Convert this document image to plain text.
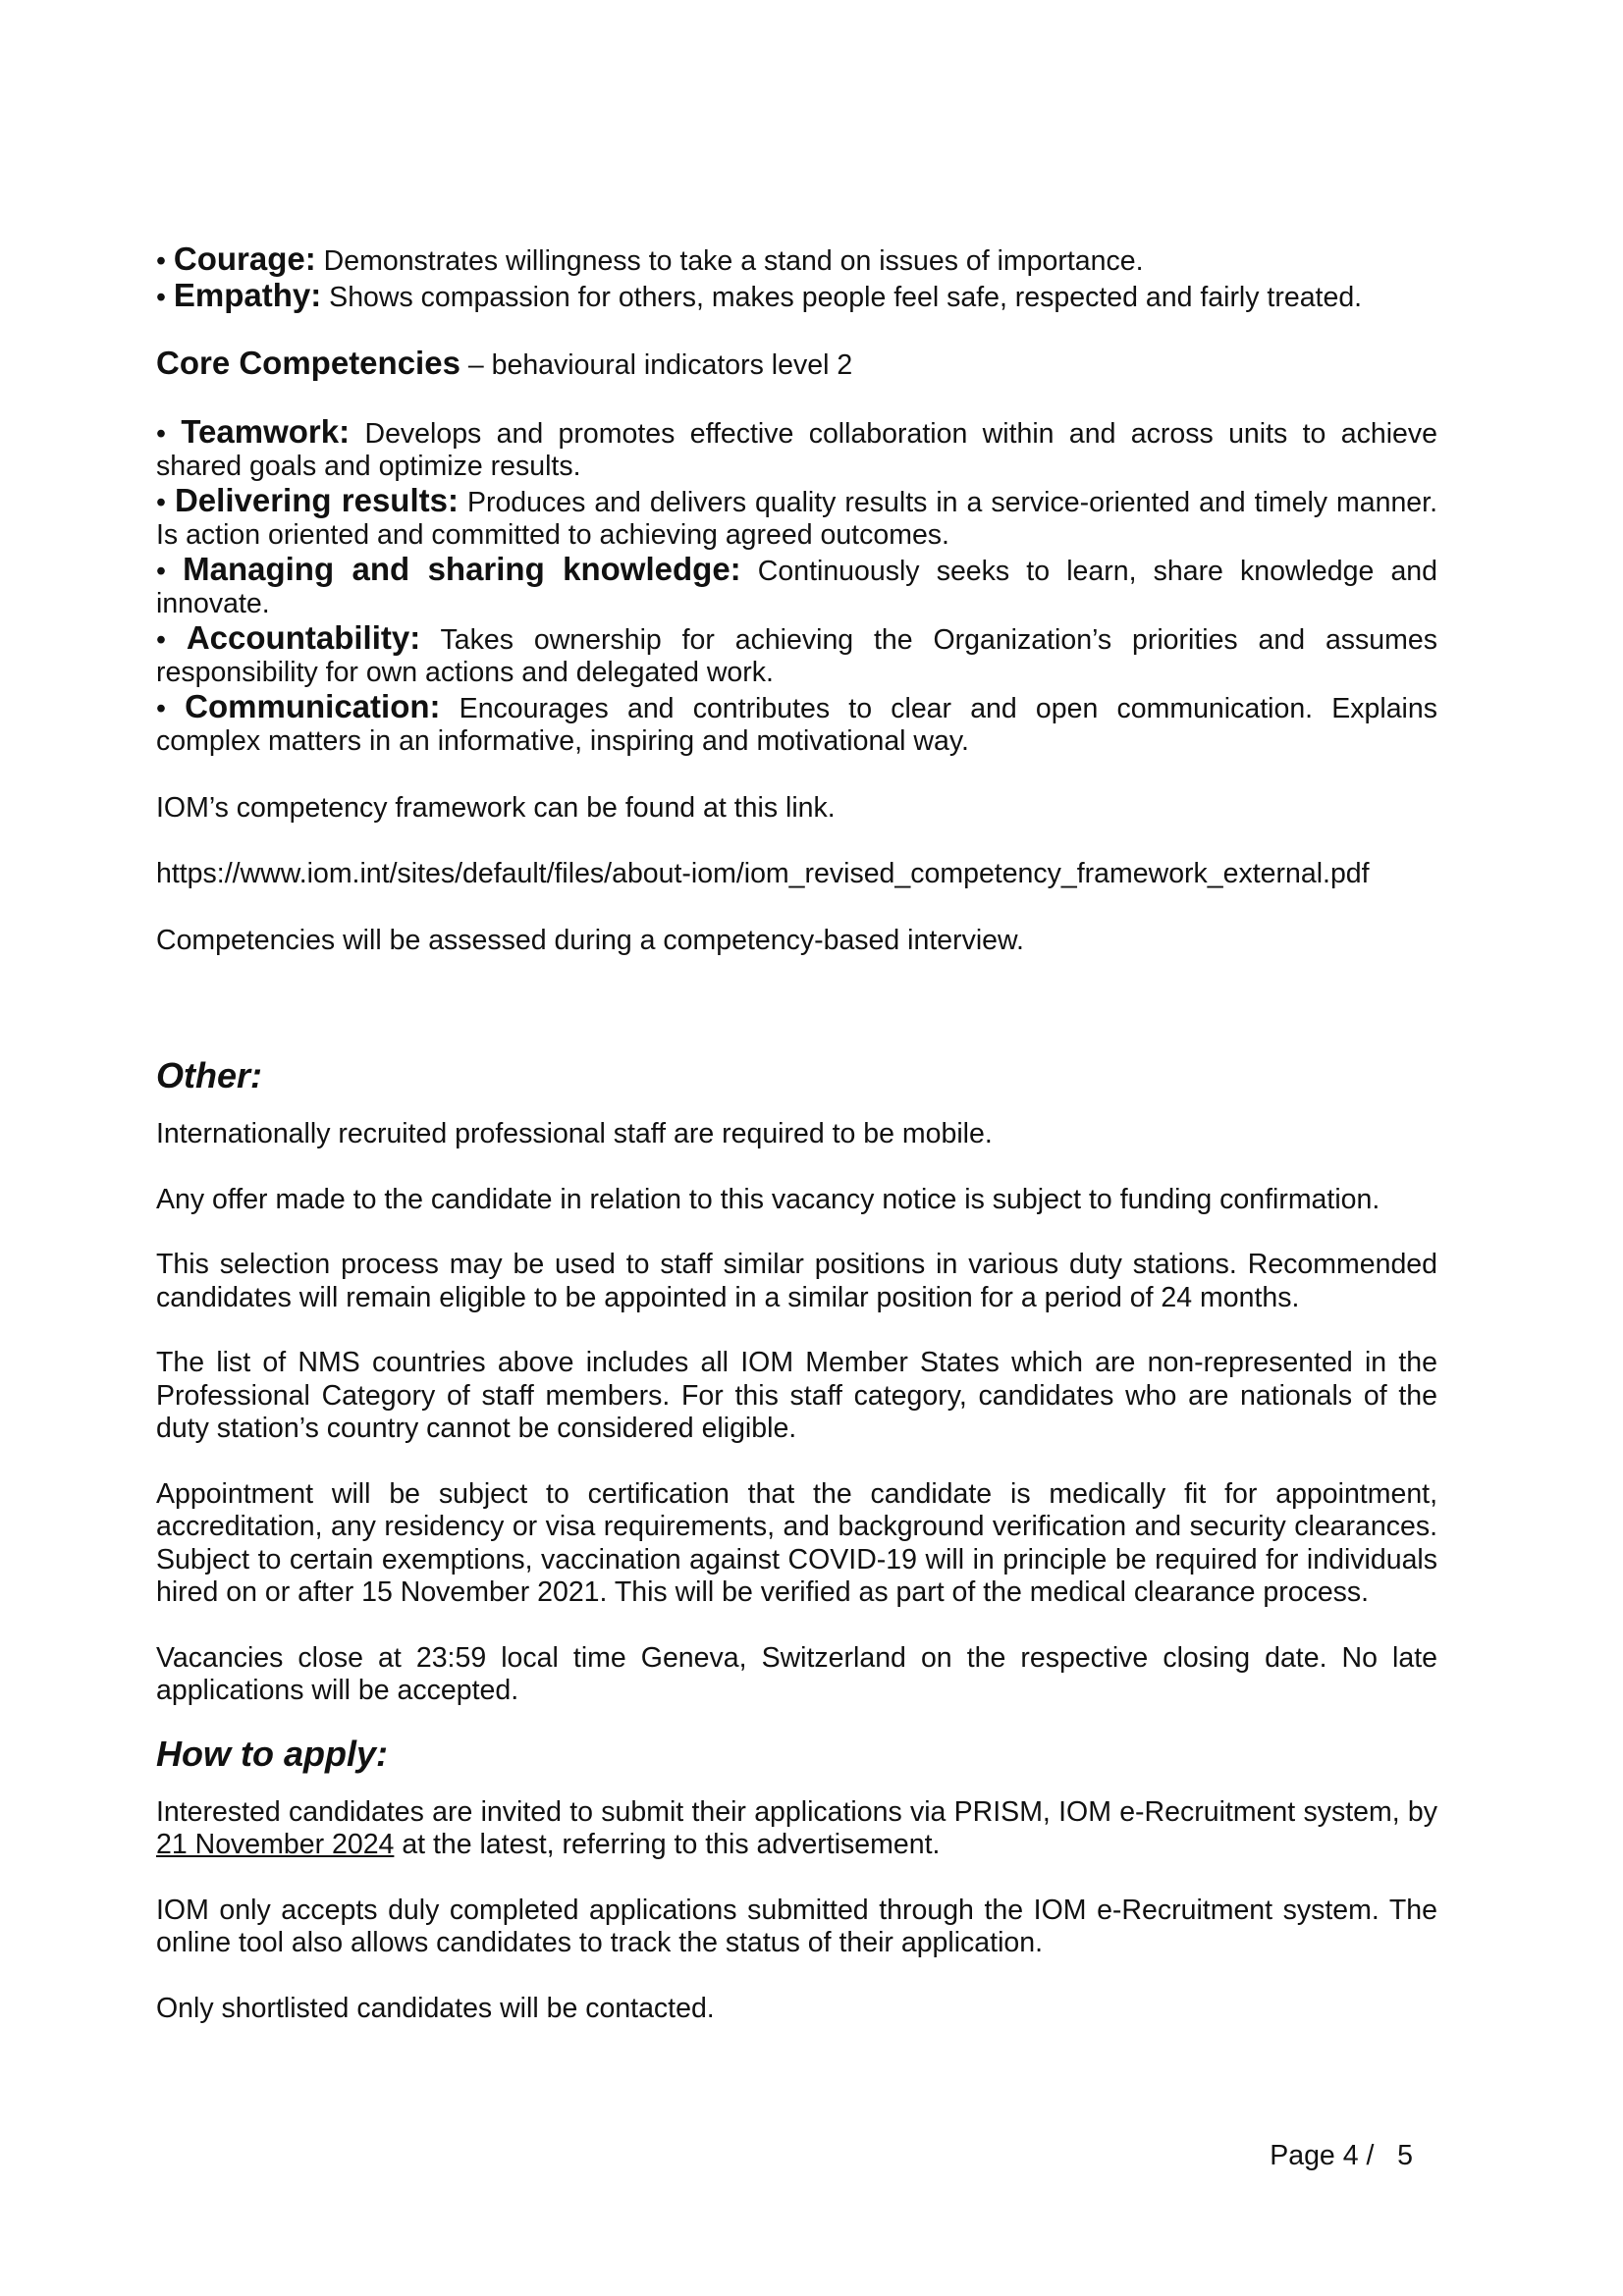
• Courage: Demonstrates willingness to take a stand on issues of importance.

• Empathy: Shows compassion for others, makes people feel safe, respected and fairly treated.

Core Competencies – behavioural indicators level 2

• Teamwork: Develops and promotes effective collaboration within and across units to achieve shared goals and optimize results.

• Delivering results: Produces and delivers quality results in a service-oriented and timely manner. Is action oriented and committed to achieving agreed outcomes.

• Managing and sharing knowledge: Continuously seeks to learn, share knowledge and innovate.

• Accountability: Takes ownership for achieving the Organization’s priorities and assumes responsibility for own actions and delegated work.

• Communication: Encourages and contributes to clear and open communication. Explains complex matters in an informative, inspiring and motivational way.

IOM’s competency framework can be found at this link.

https://www.iom.int/sites/default/files/about-iom/iom_revised_competency_framework_external.pdf

Competencies will be assessed during a competency-based interview.

Other:

Internationally recruited professional staff are required to be mobile.

Any offer made to the candidate in relation to this vacancy notice is subject to funding confirmation.

This selection process may be used to staff similar positions in various duty stations. Recommended candidates will remain eligible to be appointed in a similar position for a period of 24 months.

The list of NMS countries above includes all IOM Member States which are non-represented in the Professional Category of staff members. For this staff category, candidates who are nationals of the duty station’s country cannot be considered eligible.

Appointment will be subject to certification that the candidate is medically fit for appointment, accreditation, any residency or visa requirements, and background verification and security clearances. Subject to certain exemptions, vaccination against COVID-19 will in principle be required for individuals hired on or after 15 November 2021. This will be verified as part of the medical clearance process.

Vacancies close at 23:59 local time Geneva, Switzerland on the respective closing date. No late applications will be accepted.

How to apply:

Interested candidates are invited to submit their applications via PRISM, IOM e-Recruitment system, by 21 November 2024 at the latest, referring to this advertisement.

IOM only accepts duly completed applications submitted through the IOM e-Recruitment system. The online tool also allows candidates to track the status of their application.

Only shortlisted candidates will be contacted.

Page 4 /   5
